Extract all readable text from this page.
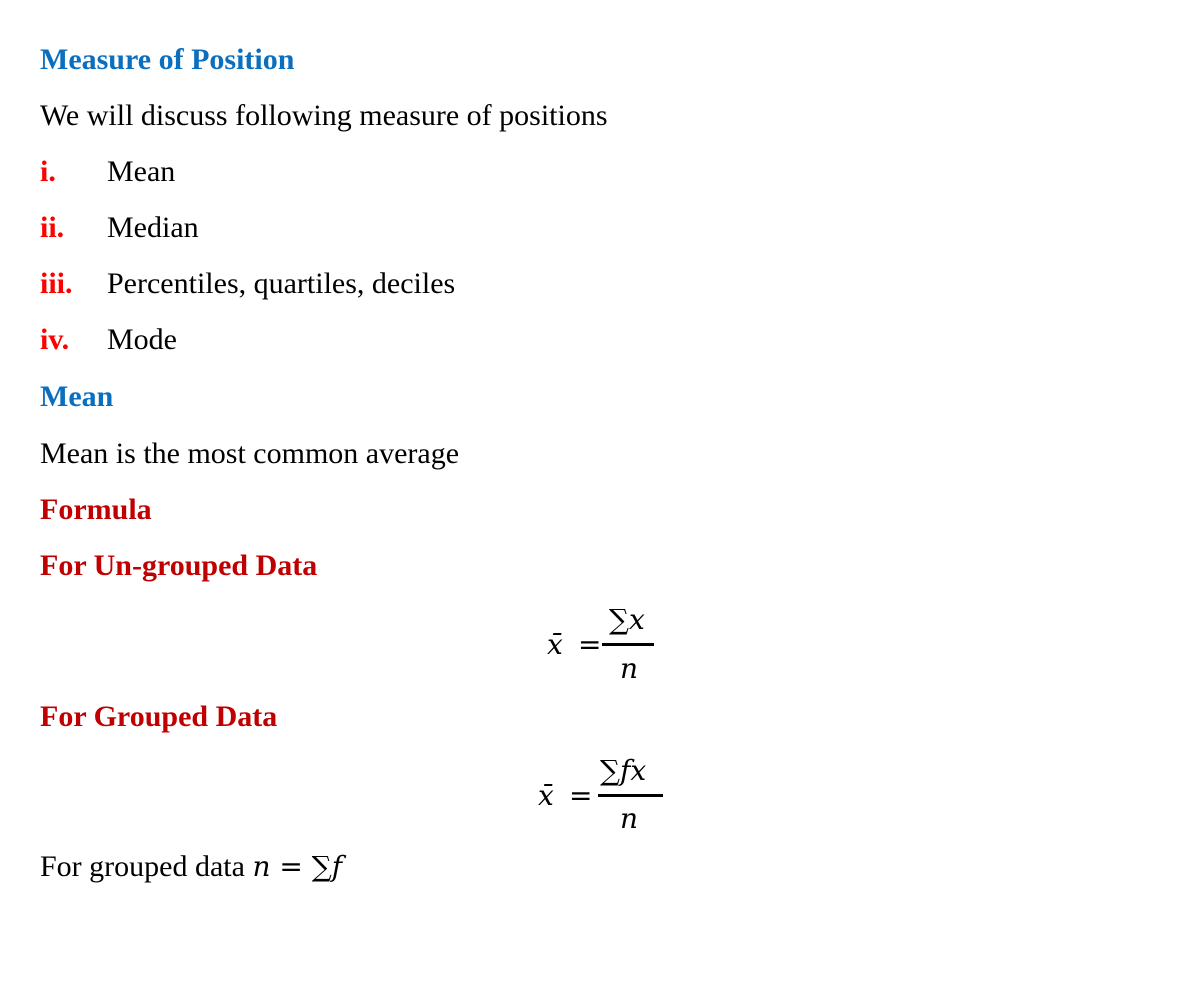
Measure of Position
We will discuss following measure of positions
i. Mean
ii. Median
iii. Percentiles, quartiles, deciles
iv. Mode
Mean
Mean is the most common average
Formula
For Un-grouped Data
x̄ =
∑x
n
For Grouped Data
x̄ =
∑fx
n
For grouped data n = ∑f
